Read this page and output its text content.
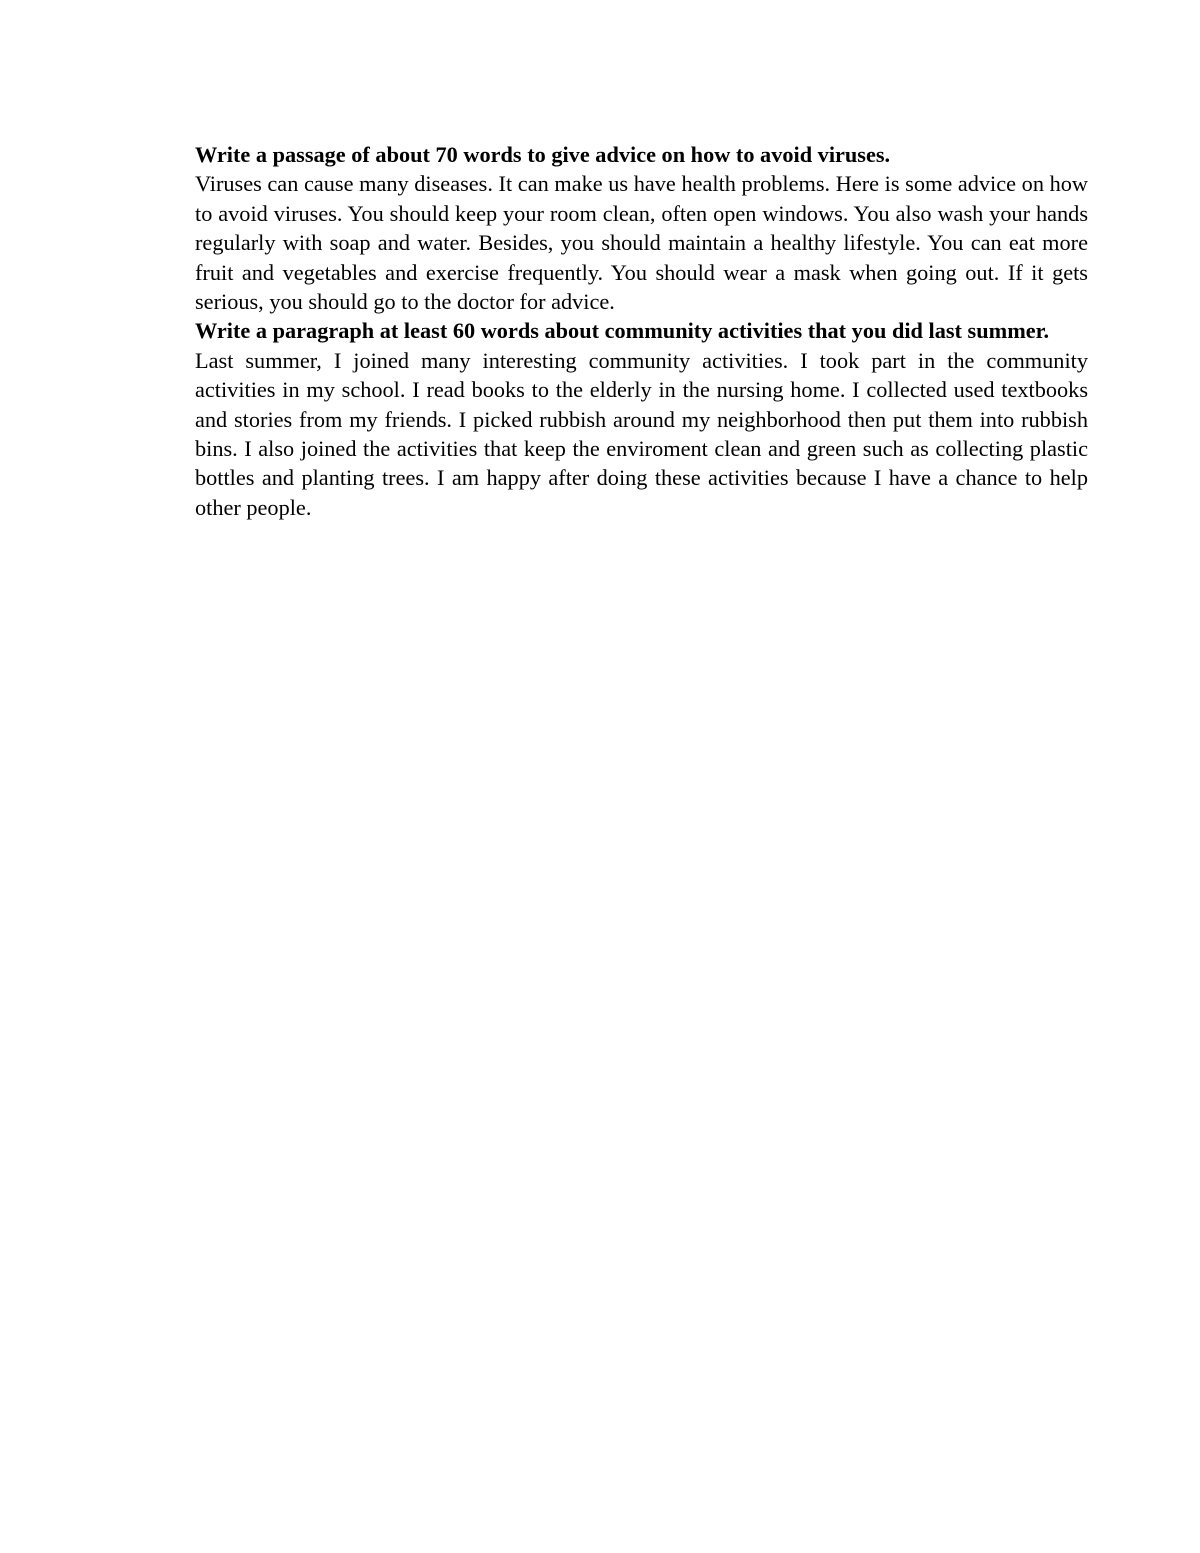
Write a passage of about 70 words to give advice on how to avoid viruses.

Viruses can cause many diseases. It can make us have health problems. Here is some advice on how to avoid viruses. You should keep your room clean, often open windows. You also wash your hands regularly with soap and water. Besides, you should maintain a healthy lifestyle. You can eat more fruit and vegetables and exercise frequently. You should wear a mask when going out. If it gets serious, you should go to the doctor for advice.

Write a paragraph at least 60 words about community activities that you did last summer.

Last summer, I joined many interesting community activities. I took part in the community activities in my school. I read books to the elderly in the nursing home. I collected used textbooks and stories from my friends. I picked rubbish around my neighborhood then put them into rubbish bins. I also joined the activities that keep the enviroment clean and green such as collecting plastic bottles and planting trees. I am happy after doing these activities because I have a chance to help other people.
